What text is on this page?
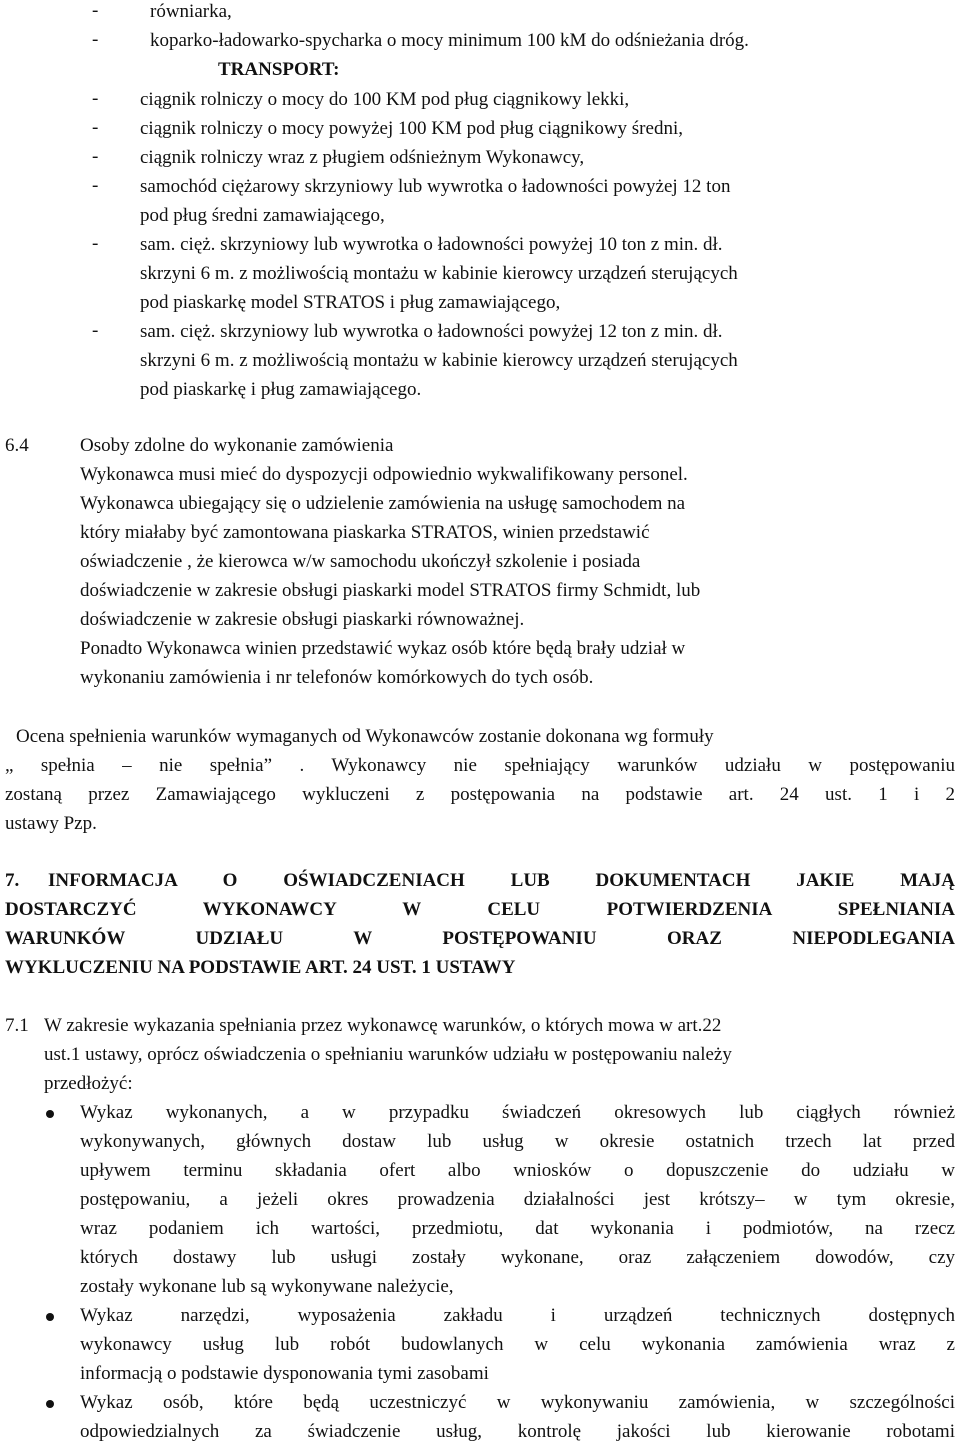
-	równiarka,
-	koparko-ładowarko-spycharka o mocy minimum 100 kM do odśnieżania dróg.
TRANSPORT:
-	ciągnik rolniczy o mocy do 100 KM pod pług ciągnikowy lekki,
-	ciągnik rolniczy o mocy powyżej 100 KM pod pług ciągnikowy średni,
-	ciągnik rolniczy wraz z pługiem odśnieżnym Wykonawcy,
-	samochód ciężarowy skrzyniowy lub wywrotka o ładowności powyżej 12 ton
pod pług średni zamawiającego,
-	sam. cięż. skrzyniowy lub wywrotka o ładowności powyżej 10 ton z min. dł.
skrzyni 6 m. z możliwością montażu w kabinie kierowcy urządzeń sterujących
pod piaskarkę model STRATOS i pług zamawiającego,
-	sam. cięż. skrzyniowy lub wywrotka o ładowności powyżej 12 ton z min. dł.
skrzyni 6 m. z możliwością montażu w kabinie kierowcy urządzeń sterujących
pod piaskarkę i pług zamawiającego.
6.4	Osoby zdolne do wykonanie zamówienia
Wykonawca musi mieć do dyspozycji odpowiednio wykwalifikowany personel.
Wykonawca ubiegający się o udzielenie zamówienia na usługę samochodem na
który miałaby być zamontowana piaskarka STRATOS, winien przedstawić
oświadczenie , że kierowca w/w samochodu ukończył szkolenie i posiada
doświadczenie w zakresie obsługi piaskarki model STRATOS firmy Schmidt, lub
doświadczenie w zakresie obsługi piaskarki równoważnej.
Ponadto Wykonawca winien przedstawić wykaz osób które będą brały udział w
wykonaniu zamówienia i nr telefonów komórkowych do tych osób.
Ocena spełnienia warunków wymaganych od Wykonawców zostanie dokonana wg formuły
„ spełnia – nie spełnia” . Wykonawcy nie spełniający warunków udziału w postępowaniu
zostaną przez Zamawiającego wykluczeni z postępowania na podstawie art. 24 ust. 1 i 2
ustawy Pzp.
7. INFORMACJA O OŚWIADCZENIACH LUB DOKUMENTACH JAKIE MAJĄ
DOSTARCZYĆ WYKONAWCY W CELU POTWIERDZENIA SPEŁNIANIA
WARUNKÓW UDZIAŁU W POSTĘPOWANIU ORAZ NIEPODLEGANIA
WYKLUCZENIU NA PODSTAWIE ART. 24 UST. 1 USTAWY
7.1 W zakresie wykazania spełniania przez wykonawcę warunków, o których mowa w art.22
ust.1 ustawy, oprócz oświadczenia o spełnianiu warunków udziału w postępowaniu należy
przedłożyć:
Wykaz wykonanych, a w przypadku świadczeń okresowych lub ciągłych również
wykonywanych, głównych dostaw lub usług w okresie ostatnich trzech lat przed
upływem terminu składania ofert albo wniosków o dopuszczenie do udziału w
postępowaniu, a jeżeli okres prowadzenia działalności jest krótszy– w tym okresie,
wraz podaniem ich wartości, przedmiotu, dat wykonania i podmiotów, na rzecz
których dostawy lub usługi zostały wykonane, oraz załączeniem dowodów, czy
zostały wykonane lub są wykonywane należycie,
Wykaz narzędzi, wyposażenia zakładu i urządzeń technicznych dostępnych
wykonawcy usług lub robót budowlanych w celu wykonania zamówienia wraz z
informacją o podstawie dysponowania tymi zasobami
Wykaz osób, które będą uczestniczyć w wykonywaniu zamówienia, w szczególności
odpowiedzialnych za świadczenie usług, kontrolę jakości lub kierowanie robotami
